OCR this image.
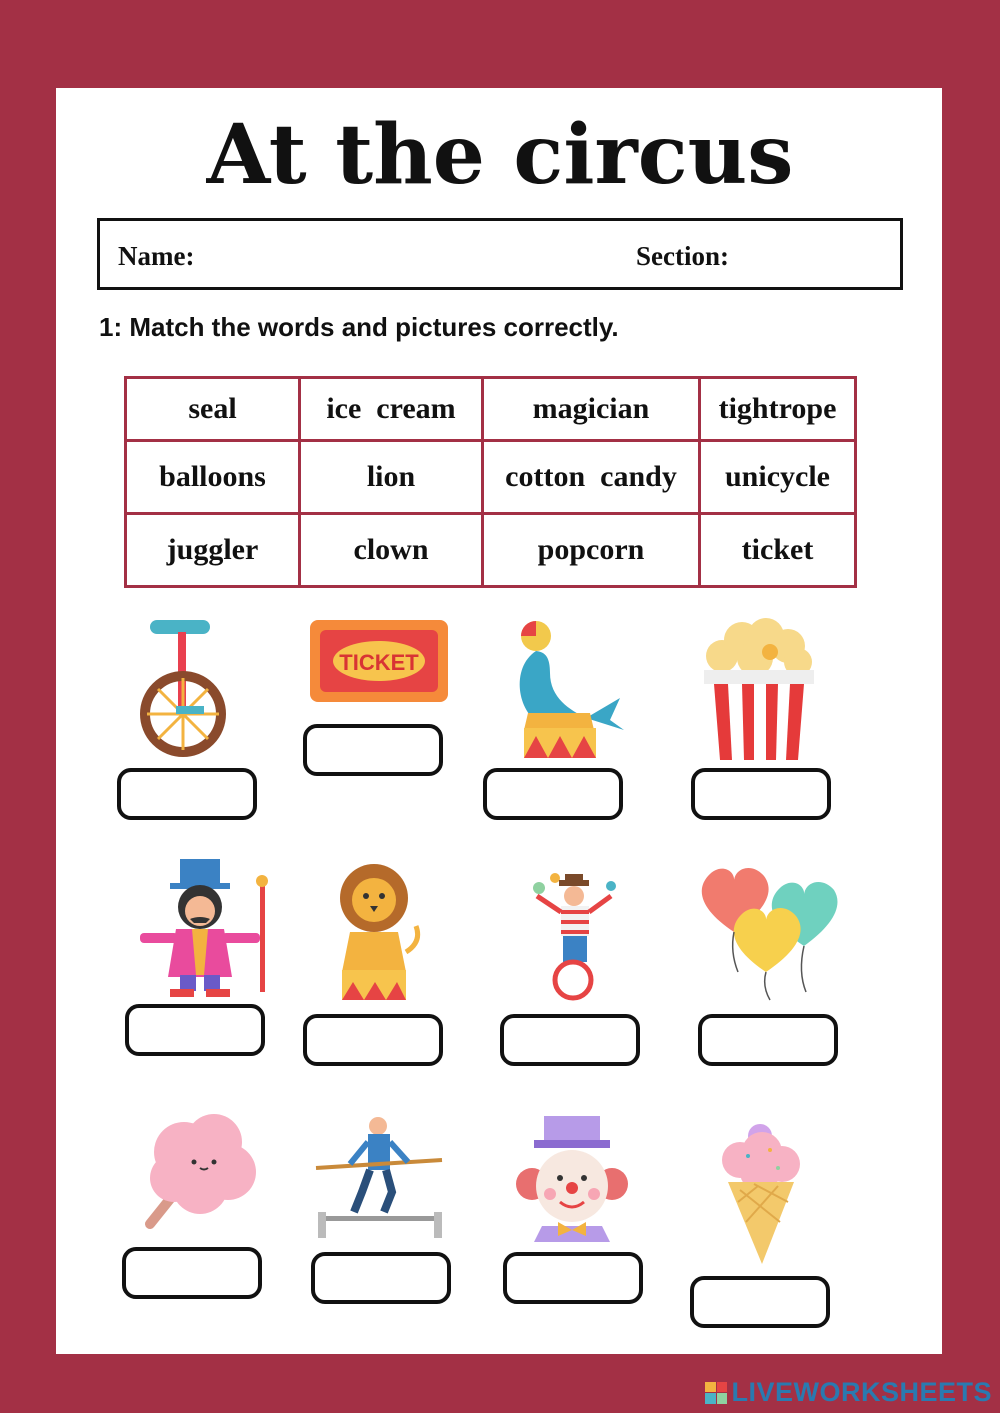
At the circus
Name:	Section:
1: Match the words and pictures correctly.
seal	ice  cream	magician	tightrope
balloons	lion	cotton  candy	unicycle
juggler	clown	popcorn	ticket
TICKET
LIVEWORKSHEETS
